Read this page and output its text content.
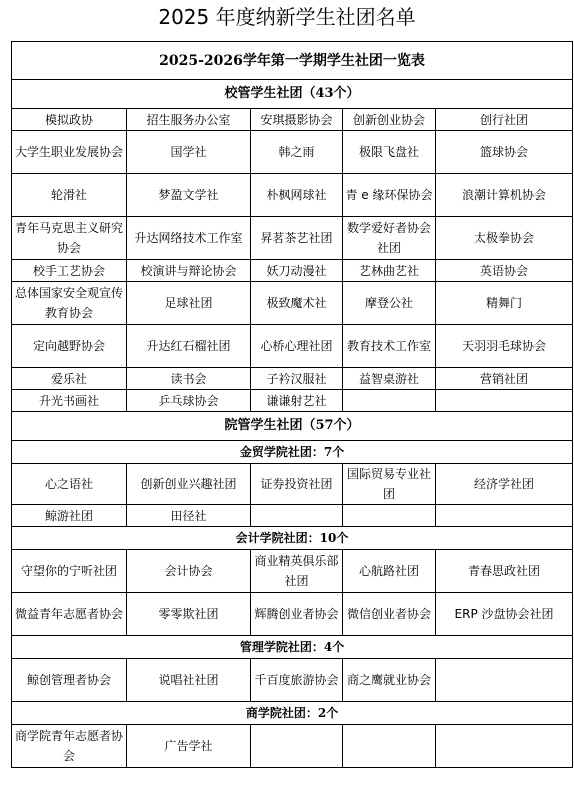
2025 年度纳新学生社团名单
2025-2026学年第一学期学生社团一览表				
校管学生社团（43个）				
模拟政协	招生服务办公室	安琪摄影协会	创新创业协会	创行社团
大学生职业发展协会	国学社	韩之雨	极限飞盘社	篮球协会
轮滑社	梦盈文学社	朴枫网球社	青 e 缘环保协会	浪潮计算机协会
青年马克思主义研究协会	升达网络技术工作室	昇茗茶艺社团	数学爱好者协会社团	太极拳协会
校手工艺协会	校演讲与辩论协会	妖刀动漫社	艺林曲艺社	英语协会
总体国家安全观宣传教育协会	足球社团	极致魔术社	摩登公社	精舞门
定向越野协会	升达红石榴社团	心桥心理社团	教育技术工作室	天羽羽毛球协会
爱乐社	读书会	子衿汉服社	益智桌游社	营销社团
升光书画社	乒乓球协会	谦谦射艺社		
院管学生社团（57个）				
金贸学院社团：7个				
心之语社	创新创业兴趣社团	证券投资社团	国际贸易专业社团	经济学社团
鲸游社团	田径社			
会计学院社团：10个				
守望你的宁听社团	会计协会	商业精英俱乐部社团	心航路社团	青春思政社团
微益青年志愿者协会	零零欺社团	辉腾创业者协会	微信创业者协会	ERP 沙盘协会社团
管理学院社团：4个				
鲸创管理者协会	说唱社社团	千百度旅游协会	商之鹰就业协会	
商学院社团：2个				
商学院青年志愿者协会	广告学社			
